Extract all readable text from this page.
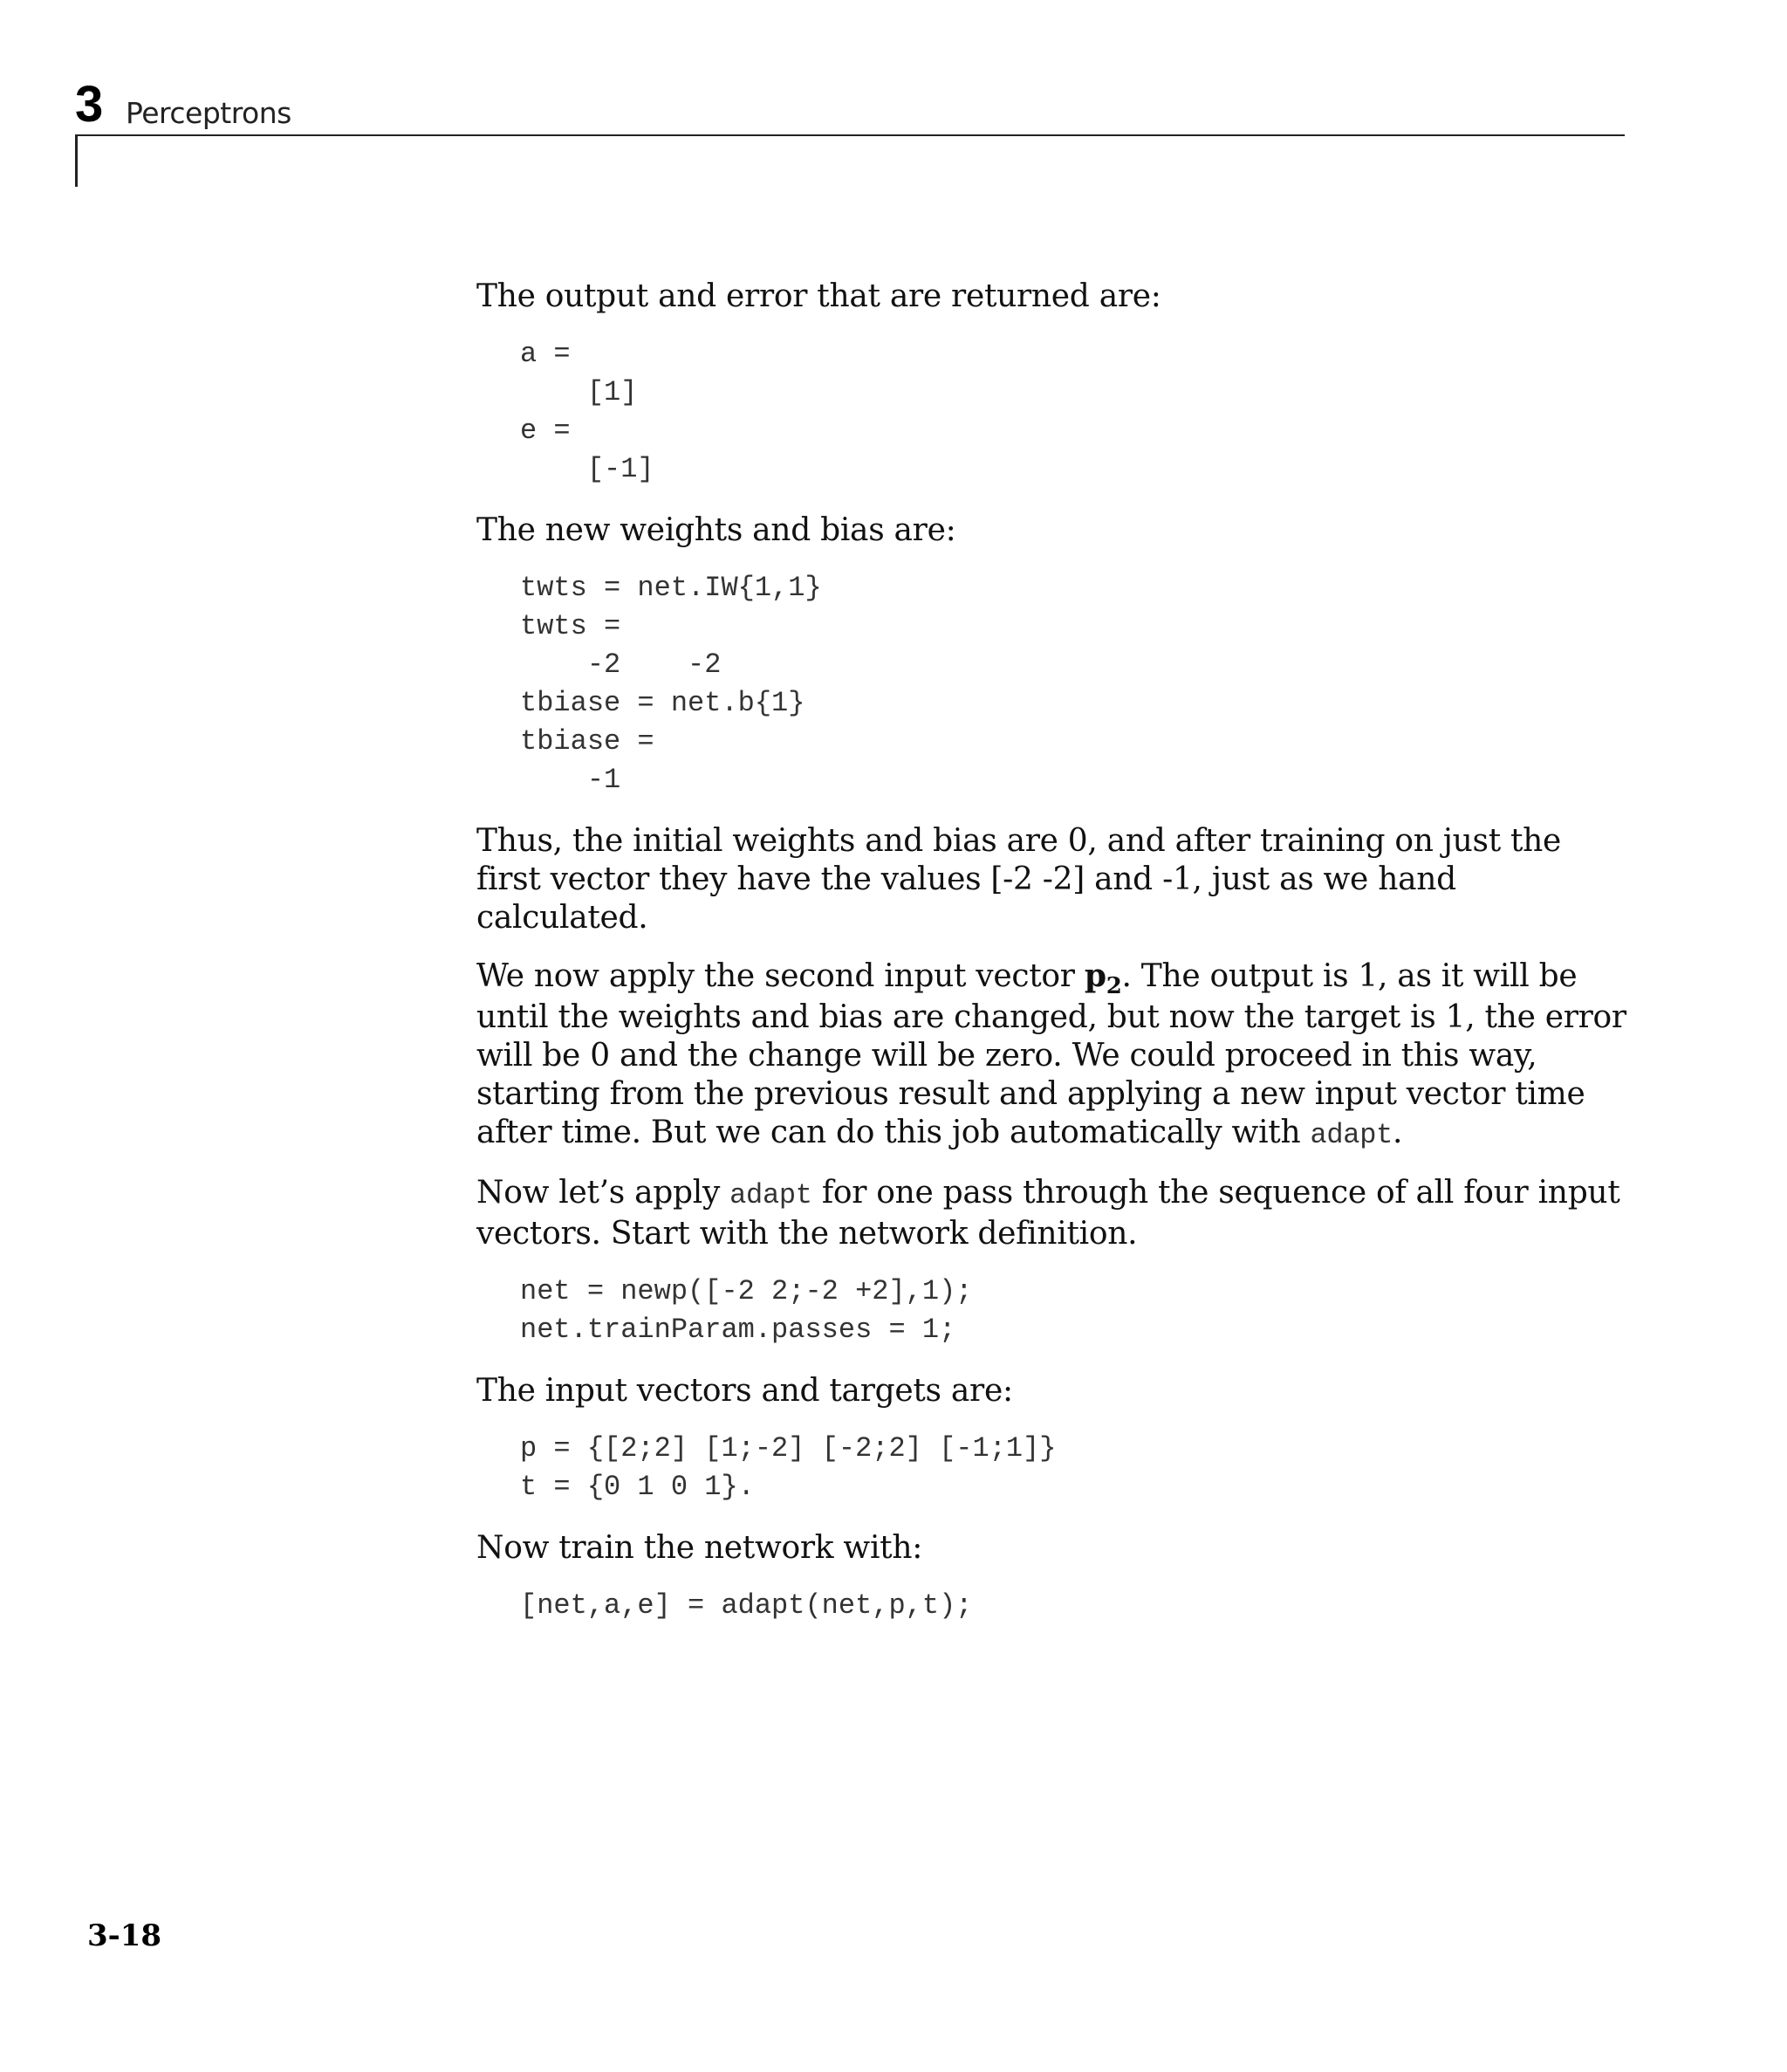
3 Perceptrons

The output and error that are returned are:

a =
[1]
e =
[-1]

The new weights and bias are:

twts = net.IW{1,1}
twts =
-2    -2
tbiase = net.b{1}
tbiase =
-1

Thus, the initial weights and bias are 0, and after training on just the first vector they have the values [-2 -2] and -1, just as we hand calculated.

We now apply the second input vector $p_2$. The output is 1, as it will be until the weights and bias are changed, but now the target is 1, the error will be 0 and the change will be zero. We could proceed in this way, starting from the previous result and applying a new input vector time after time. But we can do this job automatically with adapt.

Now let’s apply adapt for one pass through the sequence of all four input vectors. Start with the network definition.

net = newp([-2 2;-2 +2],1);
net.trainParam.passes = 1;

The input vectors and targets are:

p = {[2;2] [1;-2] [-2;2] [-1;1]}
t = {0 1 0 1}.

Now train the network with:

[net,a,e] = adapt(net,p,t);
3-18
